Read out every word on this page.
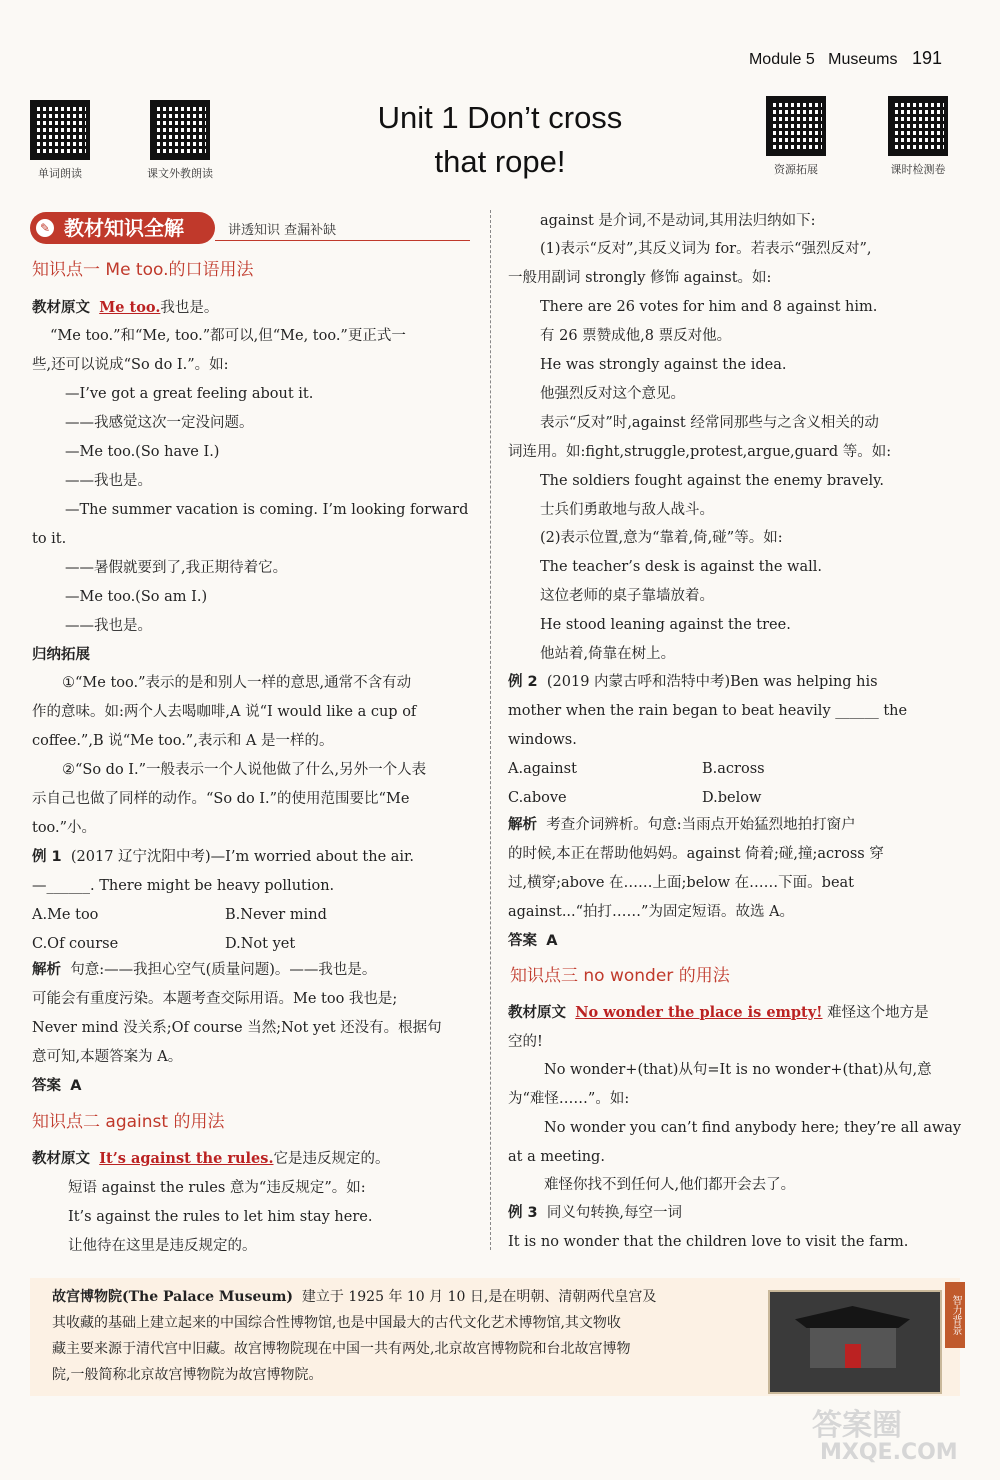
Module 5 Museums 191
单词朗读	课文外教朗读	资源拓展	课时检测卷
Unit 1 Don’t cross
that rope!
教材知识全解
✎	讲透知识 查漏补缺
知识点一 Me too.的口语用法
教材原文 Me too.我也是。
“Me too.”和“Me, too.”都可以,但“Me, too.”更正式一
些,还可以说成“So do I.”。如:
—I’ve got a great feeling about it.
——我感觉这次一定没问题。
—Me too.(So have I.)
——我也是。
—The summer vacation is coming. I’m looking forward
to it.
——暑假就要到了,我正期待着它。
—Me too.(So am I.)
——我也是。
归纳拓展
①“Me too.”表示的是和别人一样的意思,通常不含有动
作的意味。如:两个人去喝咖啡,A 说“I would like a cup of
coffee.”,B 说“Me too.”,表示和 A 是一样的。
②“So do I.”一般表示一个人说他做了什么,另外一个人表
示自己也做了同样的动作。“So do I.”的使用范围要比“Me
too.”小。
例 1 (2017 辽宁沈阳中考)—I’m worried about the air.
—______. There might be heavy pollution.
A.Me too	B.Never mind
C.Of course	D.Not yet
解析 句意:——我担心空气(质量问题)。——我也是。
可能会有重度污染。本题考查交际用语。Me too 我也是;
Never mind 没关系;Of course 当然;Not yet 还没有。根据句
意可知,本题答案为 A。
答案 A
知识点二 against 的用法
教材原文 It’s against the rules.它是违反规定的。
短语 against the rules 意为“违反规定”。如:
It’s against the rules to let him stay here.
让他待在这里是违反规定的。
against 是介词,不是动词,其用法归纳如下:
(1)表示“反对”,其反义词为 for。若表示“强烈反对”,
一般用副词 strongly 修饰 against。如:
There are 26 votes for him and 8 against him.
有 26 票赞成他,8 票反对他。
He was strongly against the idea.
他强烈反对这个意见。
表示“反对”时,against 经常同那些与之含义相关的动
词连用。如:fight,struggle,protest,argue,guard 等。如:
The soldiers fought against the enemy bravely.
士兵们勇敢地与敌人战斗。
(2)表示位置,意为“靠着,倚,碰”等。如:
The teacher’s desk is against the wall.
这位老师的桌子靠墙放着。
He stood leaning against the tree.
他站着,倚靠在树上。
例 2 (2019 内蒙古呼和浩特中考)Ben was helping his
mother when the rain began to beat heavily ______ the
windows.
A.against	B.across
C.above	D.below
解析 考查介词辨析。句意:当雨点开始猛烈地拍打窗户
的时候,本正在帮助他妈妈。against 倚着;碰,撞;across 穿
过,横穿;above 在……上面;below 在……下面。beat
against...“拍打……”为固定短语。故选 A。
答案 A
知识点三 no wonder 的用法
教材原文 No wonder the place is empty! 难怪这个地方是
空的!
No wonder+(that)从句=It is no wonder+(that)从句,意
为“难怪……”。如:
No wonder you can’t find anybody here; they’re all away
at a meeting.
难怪你找不到任何人,他们都开会去了。
例 3 同义句转换,每空一词
It is no wonder that the children love to visit the farm.
故宫博物院(The Palace Museum) 建立于 1925 年 10 月 10 日,是在明朝、清朝两代皇宫及
其收藏的基础上建立起来的中国综合性博物馆,也是中国最大的古代文化艺术博物馆,其文物收
藏主要来源于清代宫中旧藏。故宫博物院现在中国一共有两处,北京故宫博物院和台北故宫博物
院,一般简称北京故宫博物院为故宫博物院。
智力背景
答案圈
MXQE.COM
